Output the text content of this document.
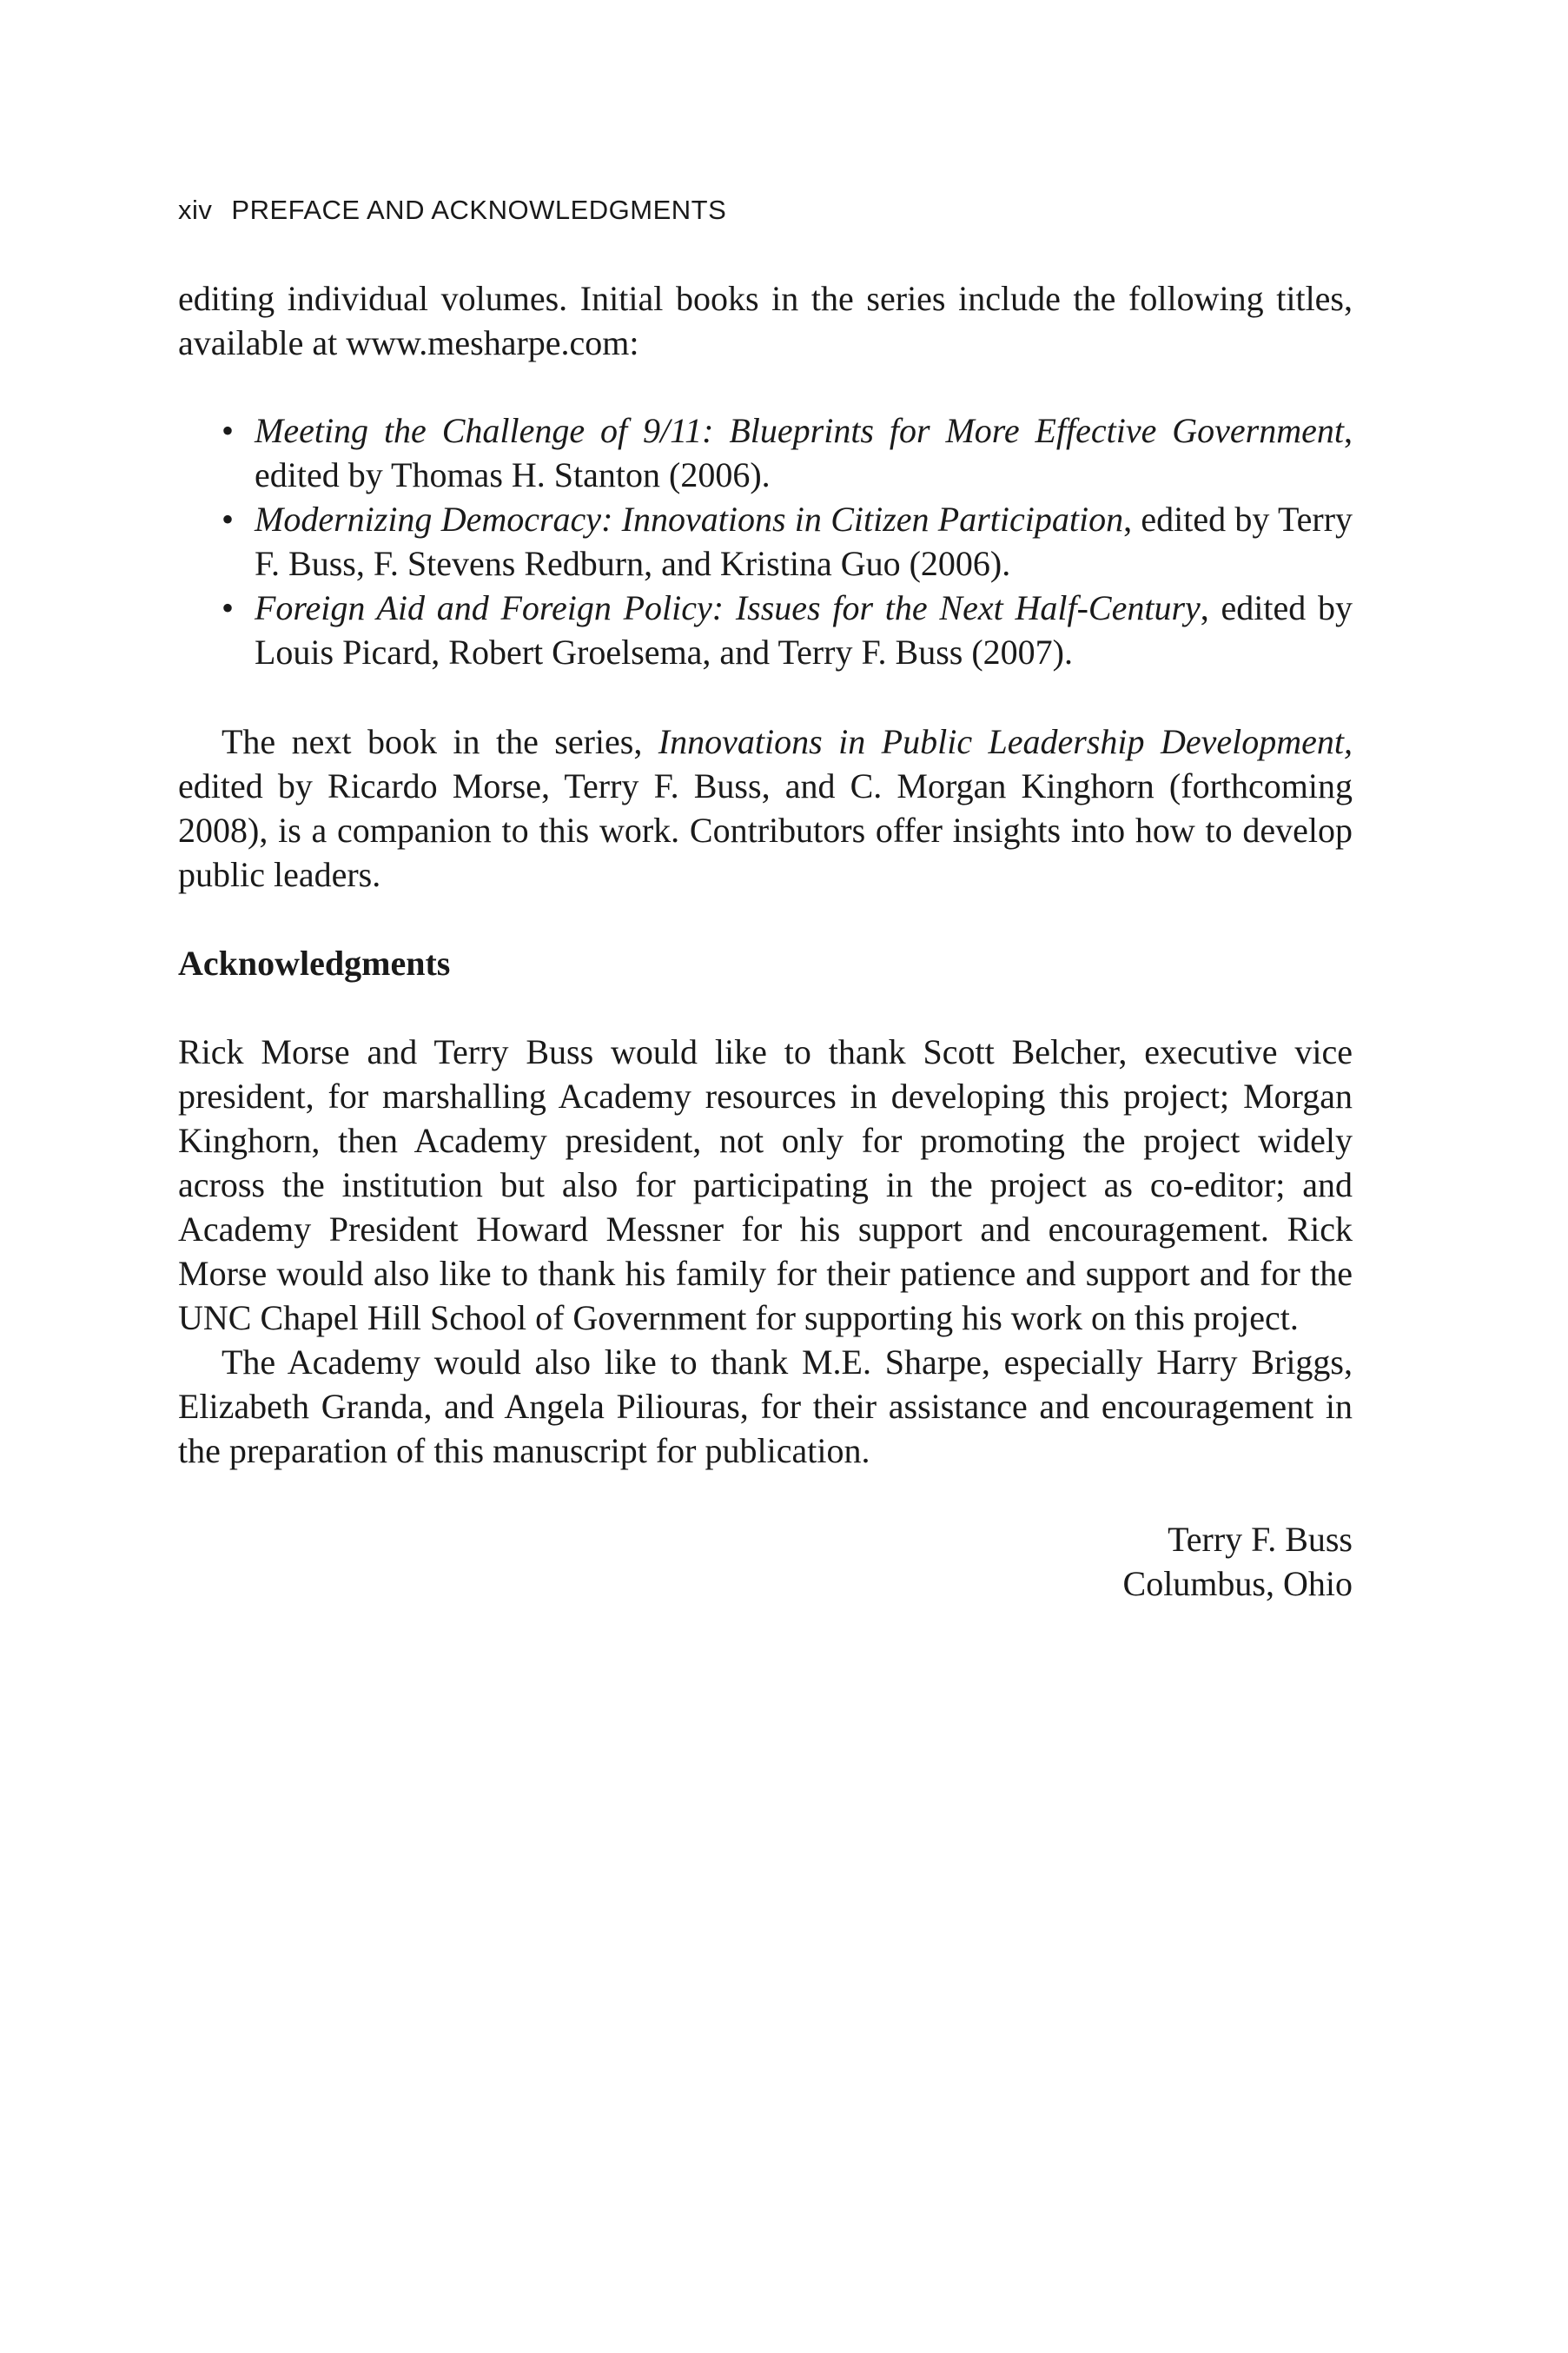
xiv PREFACE AND ACKNOWLEDGMENTS

editing individual volumes. Initial books in the series include the following titles, available at www.mesharpe.com:

• Meeting the Challenge of 9/11: Blueprints for More Effective Government, edited by Thomas H. Stanton (2006).
• Modernizing Democracy: Innovations in Citizen Participation, edited by Terry F. Buss, F. Stevens Redburn, and Kristina Guo (2006).
• Foreign Aid and Foreign Policy: Issues for the Next Half-Century, edited by Louis Picard, Robert Groelsema, and Terry F. Buss (2007).

The next book in the series, Innovations in Public Leadership Development, edited by Ricardo Morse, Terry F. Buss, and C. Morgan Kinghorn (forthcoming 2008), is a companion to this work. Contributors offer insights into how to develop public leaders.

Acknowledgments

Rick Morse and Terry Buss would like to thank Scott Belcher, executive vice president, for marshalling Academy resources in developing this project; Morgan Kinghorn, then Academy president, not only for promoting the project widely across the institution but also for participating in the project as co-editor; and Academy President Howard Messner for his support and encouragement. Rick Morse would also like to thank his family for their patience and support and for the UNC Chapel Hill School of Government for supporting his work on this project.

The Academy would also like to thank M.E. Sharpe, especially Harry Briggs, Elizabeth Granda, and Angela Piliouras, for their assistance and encouragement in the preparation of this manuscript for publication.

Terry F. Buss
Columbus, Ohio
